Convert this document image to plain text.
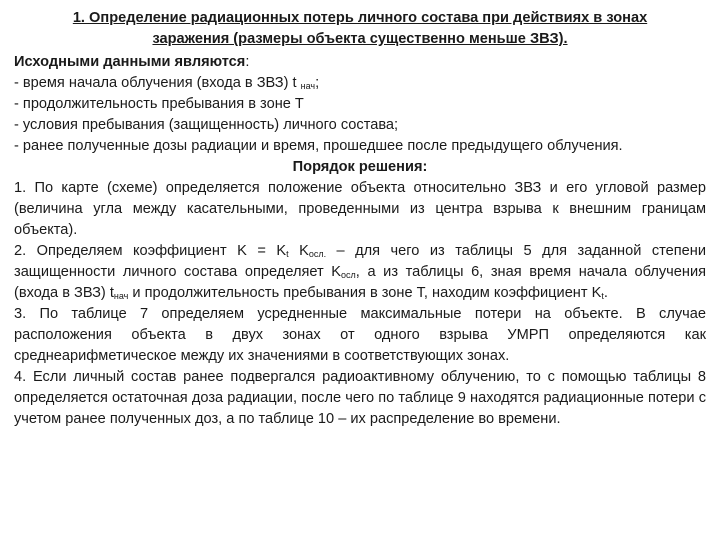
1. Определение радиационных потерь личного состава при действиях в зонах заражения (размеры объекта существенно меньше ЗВЗ).

Исходными данными являются:

- время начала облучения (входа в ЗВЗ) t $_{нач}$;

- продолжительность пребывания в зоне T

- условия пребывания (защищенность) личного состава;

- ранее полученные дозы радиации и время, прошедшее после предыдущего облучения.

Порядок решения:

1. По карте (схеме) определяется положение объекта относительно ЗВЗ и его угловой размер (величина угла между касательными, проведенными из центра взрыва к внешним границам объекта).

2. Определяем коэффициент $K = K_t$ $K_{осл.}$ – для чего из таблицы 5 для заданной степени защищенности личного состава определяет $K_{осл}$, а из таблицы 6, зная время начала облучения (входа в ЗВЗ) $t_{нач}$ и продолжительность пребывания в зоне T, находим коэффициент $K_t$.

3. По таблице 7 определяем усредненные максимальные потери на объекте. В случае расположения объекта в двух зонах от одного взрыва УМРП определяются как среднеарифметическое между их значениями в соответствующих зонах.

4. Если личный состав ранее подвергался радиоактивному облучению, то с помощью таблицы 8 определяется остаточная доза радиации, после чего по таблице 9 находятся радиационные потери с учетом ранее полученных доз, а по таблице 10 – их распределение во времени.
